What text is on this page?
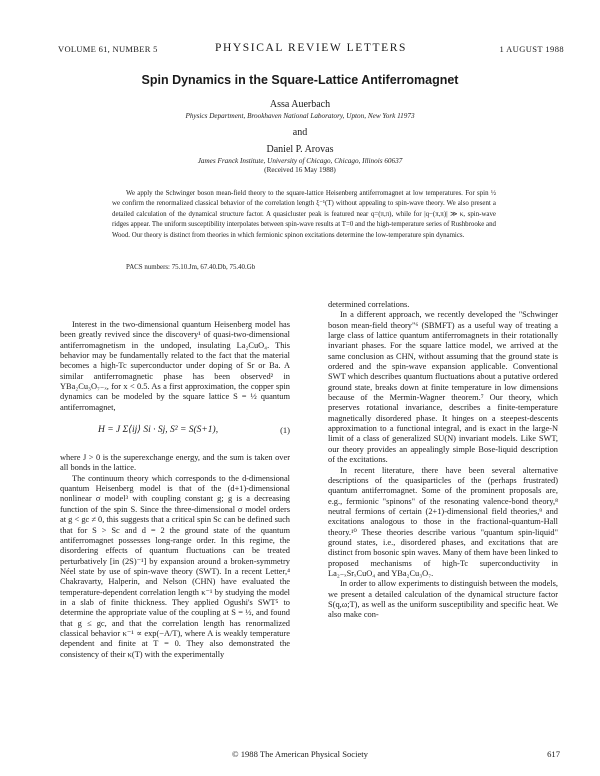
VOLUME 61, NUMBER 5	PHYSICAL REVIEW LETTERS	1 AUGUST 1988
Spin Dynamics in the Square-Lattice Antiferromagnet
Assa Auerbach
Physics Department, Brookhaven National Laboratory, Upton, New York 11973
and
Daniel P. Arovas
James Franck Institute, University of Chicago, Chicago, Illinois 60637
(Received 16 May 1988)

We apply the Schwinger boson mean-field theory to the square-lattice Heisenberg antiferromagnet at low temperatures. For spin ½ we confirm the renormalized classical behavior of the correlation length ξ⁻¹(T) without appealing to spin-wave theory. We also present a detailed calculation of the dynamical structure factor. A quasicluster peak is featured near q=(π,π), while for |q−(π,π)| ≫ κ, spin-wave ridges appear. The uniform susceptibility interpolates between spin-wave results at T=0 and the high-temperature series of Rushbrooke and Wood. Our theory is distinct from theories in which fermionic spinon excitations determine the low-temperature spin dynamics.

PACS numbers: 75.10.Jm, 67.40.Db, 75.40.Gb

Interest in the two-dimensional quantum Heisenberg model has been greatly revived since the discovery¹ of quasi-two-dimensional antiferromagnetism in the undoped, insulating La₂CuO₄. This behavior may be fundamentally related to the fact that the material becomes a high-Tc superconductor under doping of Sr or Ba. A similar antiferromagnetic phase has been observed² in YBa₂Cu₃O₇₋ₓ, for x < 0.5. As a first approximation, the copper spin dynamics can be modeled by the square lattice S = ½ quantum antiferromagnet,

H = J Σ⟨ij⟩ Si · Sj, S² = S(S+1),	(1)

where J > 0 is the superexchange energy, and the sum is taken over all bonds in the lattice.

The continuum theory which corresponds to the d-dimensional quantum Heisenberg model is that of the (d+1)-dimensional nonlinear σ model³ with coupling constant g; g is a decreasing function of the spin S. Since the three-dimensional σ model orders at g < gc ≠ 0, this suggests that a critical spin Sc can be defined such that for S > Sc and d = 2 the ground state of the quantum antiferromagnet possesses long-range order. In this regime, the disordering effects of quantum fluctuations can be treated perturbatively [in (2S)⁻¹] by expansion around a broken-symmetry Néel state by use of spin-wave theory (SWT). In a recent Letter,⁴ Chakravarty, Halperin, and Nelson (CHN) have evaluated the temperature-dependent correlation length κ⁻¹ by studying the model in a slab of finite thickness. They applied Ogushi's SWT⁵ to determine the appropriate value of the coupling at S = ½, and found that g ≤ gc, and that the correlation length has renormalized classical behavior κ⁻¹ ∝ exp(−A/T), where A is weakly temperature dependent and finite at T = 0. They also demonstrated the consistency of their κ(T) with the experimentally

determined correlations.

In a different approach, we recently developed the "Schwinger boson mean-field theory"⁶ (SBMFT) as a useful way of treating a large class of lattice quantum antiferromagnets in their rotationally invariant phases. For the square lattice model, we arrived at the same conclusion as CHN, without assuming that the ground state is ordered and the spin-wave expansion applicable. Conventional SWT which describes quantum fluctuations about a putative ordered ground state, breaks down at finite temperature in low dimensions because of the Mermin-Wagner theorem.⁷ Our theory, which preserves rotational invariance, describes a finite-temperature magnetically disordered phase. It hinges on a steepest-descents approximation to a functional integral, and is exact in the large-N limit of a class of generalized SU(N) invariant models. Like SWT, our theory provides an appealingly simple Bose-liquid description of the excitations.

In recent literature, there have been several alternative descriptions of the quasiparticles of the (perhaps frustrated) quantum antiferromagnet. Some of the prominent proposals are, e.g., fermionic "spinons" of the resonating valence-bond theory,⁸ neutral fermions of certain (2+1)-dimensional field theories,⁹ and excitations analogous to those in the fractional-quantum-Hall theory.¹⁰ These theories describe various "quantum spin-liquid" ground states, i.e., disordered phases, and excitations that are distinct from bosonic spin waves. Many of them have been linked to proposed mechanisms of high-Tc superconductivity in La₂₋ₓSrₓCuO₄ and YBa₂Cu₃O₇.

In order to allow experiments to distinguish between the models, we present a detailed calculation of the dynamical structure factor S(q,ω;T), as well as the uniform susceptibility and specific heat. We also make con-

© 1988 The American Physical Society	617
